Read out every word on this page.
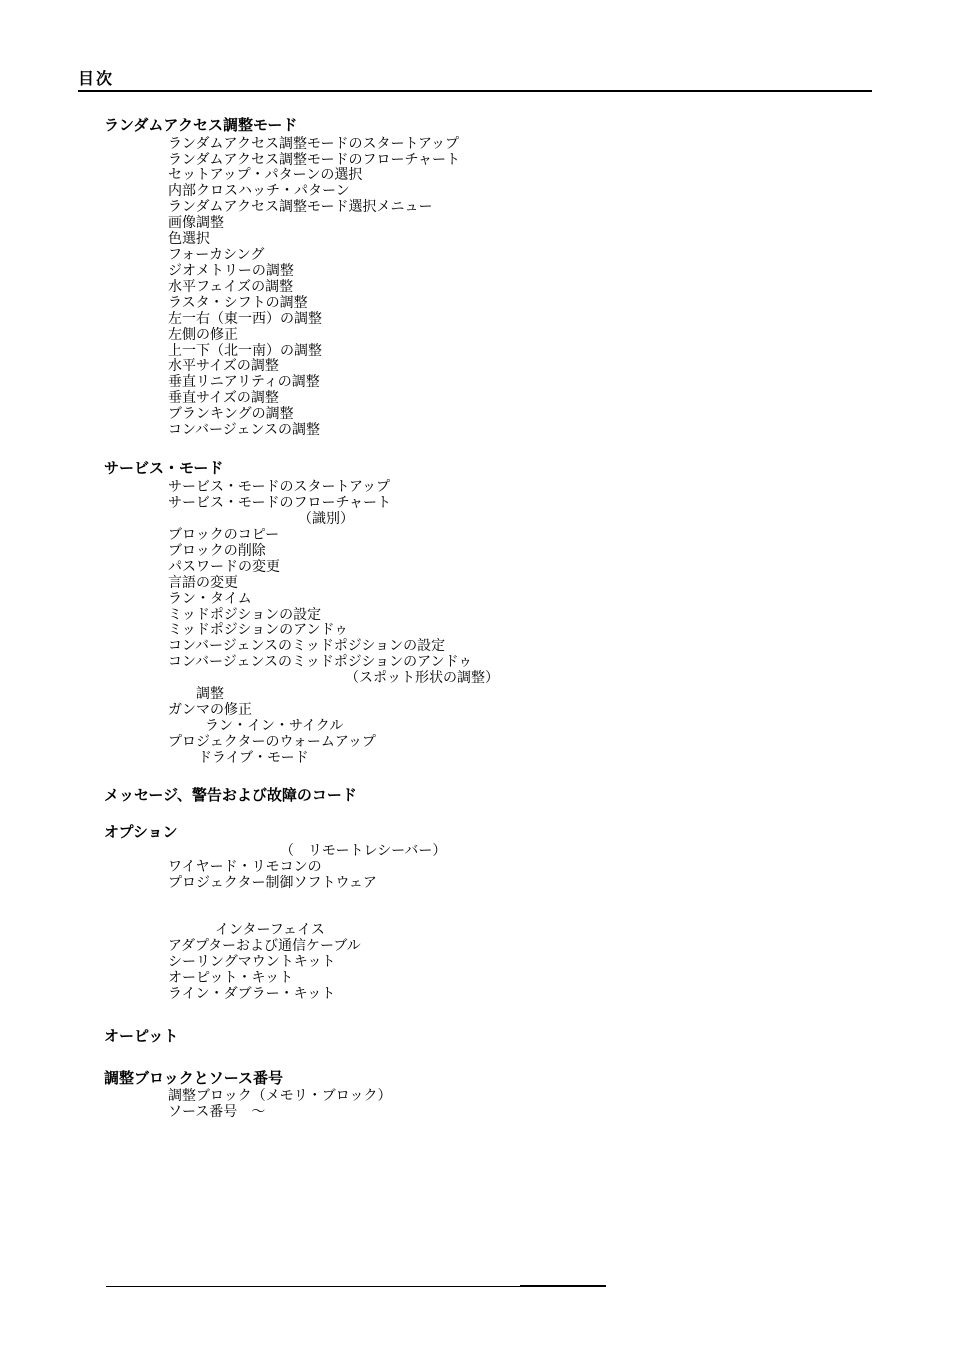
目次
ランダムアクセス調整モード
ランダムアクセス調整モードのスタートアップ
ランダムアクセス調整モードのフローチャート
セットアップ・パターンの選択
内部クロスハッチ・パターン
ランダムアクセス調整モード選択メニュー
画像調整
色選択
フォーカシング
ジオメトリーの調整
水平フェイズの調整
ラスタ・シフトの調整
左一右（東一西）の調整
左側の修正
上一下（北一南）の調整
水平サイズの調整
垂直リニアリティの調整
垂直サイズの調整
ブランキングの調整
コンバージェンスの調整
サービス・モード
サービス・モードのスタートアップ
サービス・モードのフローチャート
（識別）
ブロックのコピー
ブロックの削除
パスワードの変更
言語の変更
ラン・タイム
ミッドポジションの設定
ミッドポジションのアンドゥ
コンバージェンスのミッドポジションの設定
コンバージェンスのミッドポジションのアンドゥ
（スポット形状の調整）
調整
ガンマの修正
ラン・イン・サイクル
プロジェクターのウォームアップ
ドライブ・モード
メッセージ、警告および故障のコード
オプション
（　リモートレシーバー）
ワイヤード・リモコンの
プロジェクター制御ソフトウェア
インターフェイス
アダプターおよび通信ケーブル
シーリングマウントキット
オーピット・キット
ライン・ダブラー・キット
オーピット
調整ブロックとソース番号
調整ブロック（メモリ・ブロック）
ソース番号　～
